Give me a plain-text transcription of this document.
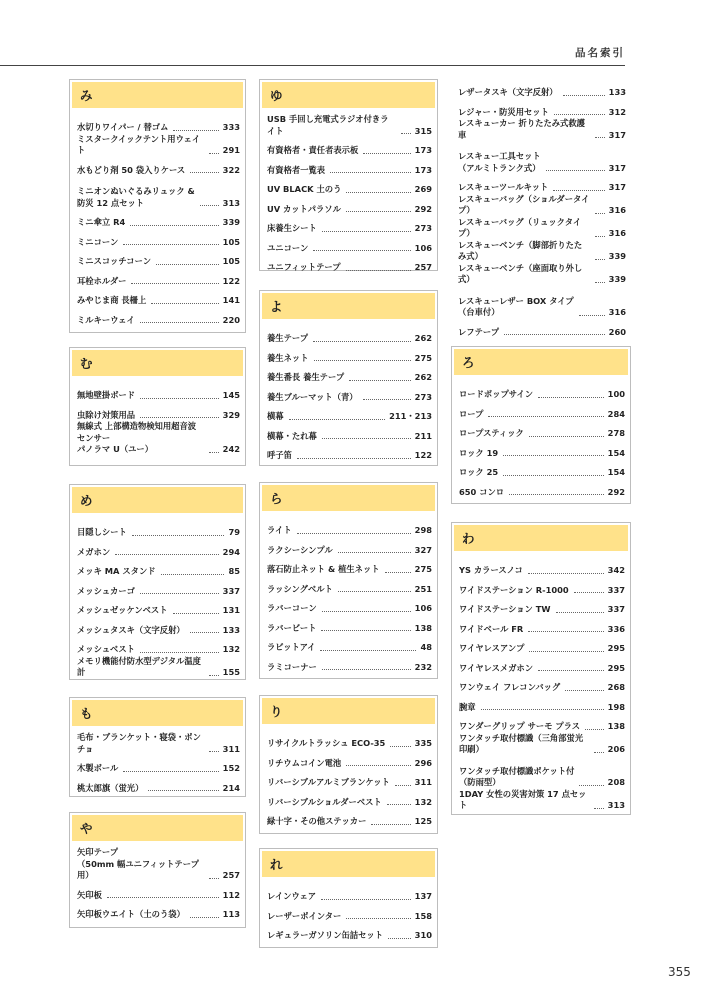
品名索引
み
水切りワイパー / 替ゴム	333
ミスタークイックテント用ウェイト	291
水もどり剤 50 袋入りケース	322
ミニオンぬいぐるみリュック &
防災 12 点セット	313
ミニ傘立 R4	339
ミニコーン	105
ミニスコッチコーン	105
耳栓ホルダー	122
みやじま商 長柵上	141
ミルキーウェイ	220
む
無地壁掛ボード	145
虫除け対策用品	329
無線式 上部構造物検知用超音波センサー
パノラマ U（ユー）	242
め
目隠しシート	79
メガホン	294
メッキ MA スタンド	85
メッシュカーゴ	337
メッシュゼッケンベスト	131
メッシュタスキ（文字反射）	133
メッシュベスト	132
メモリ機能付防水型デジタル温度計	155
も
毛布・ブランケット・寝袋・ポンチョ	311
木製ボール	152
桃太郎旗（蛍光）	214
や
矢印テープ
（50mm 幅ユニフィットテープ用）	257
矢印板	112
矢印板ウエイト（土のう袋）	113
ゆ
USB 手回し充電式ラジオ付きライト	315
有資格者・責任者表示板	173
有資格者一覧表	173
UV BLACK 土のう	269
UV カットパラソル	292
床養生シート	273
ユニコーン	106
ユニフィットテープ	257
よ
養生テープ	262
養生ネット	275
養生番長 養生テープ	262
養生ブルーマット（青）	273
横幕	211・213
横幕・たれ幕	211
呼子笛	122
ら
ライト	298
ラクシーシンプル	327
落石防止ネット & 植生ネット	275
ラッシングベルト	251
ラバーコーン	106
ラバービート	138
ラビットアイ	48
ラミコーナー	232
り
リサイクルトラッシュ ECO-35	335
リチウムコイン電池	296
リバーシブルアルミブランケット	311
リバーシブルショルダーベスト	132
緑十字・その他ステッカー	125
れ
レインウェア	137
レーザーポインター	158
レギュラーガソリン缶詰セット	310
レザータスキ（文字反射）	133
レジャー・防災用セット	312
レスキューカー 折りたたみ式救護車	317
レスキュー工具セット
（アルミトランク式）	317
レスキューツールキット	317
レスキューバッグ（ショルダータイプ）	316
レスキューバッグ（リュックタイプ）	316
レスキューベンチ（脚部折りたたみ式）	339
レスキューベンチ（座面取り外し式）	339
レスキューレザー BOX タイプ
（台車付）	316
レフテープ	260
ろ
ロードポップサイン	100
ロープ	284
ロープスティック	278
ロック 19	154
ロック 25	154
650 コンロ	292
わ
YS カラースノコ	342
ワイドステーション R-1000	337
ワイドステーション TW	337
ワイドベール FR	336
ワイヤレスアンプ	295
ワイヤレスメガホン	295
ワンウェイ フレコンバッグ	268
腕章	198
ワンダーグリップ サーモ プラス	138
ワンタッチ取付標識（三角部蛍光印刷）	206
ワンタッチ取付標識ポケット付
（防雨型）	208
1DAY 女性の災害対策 17 点セット	313
355
